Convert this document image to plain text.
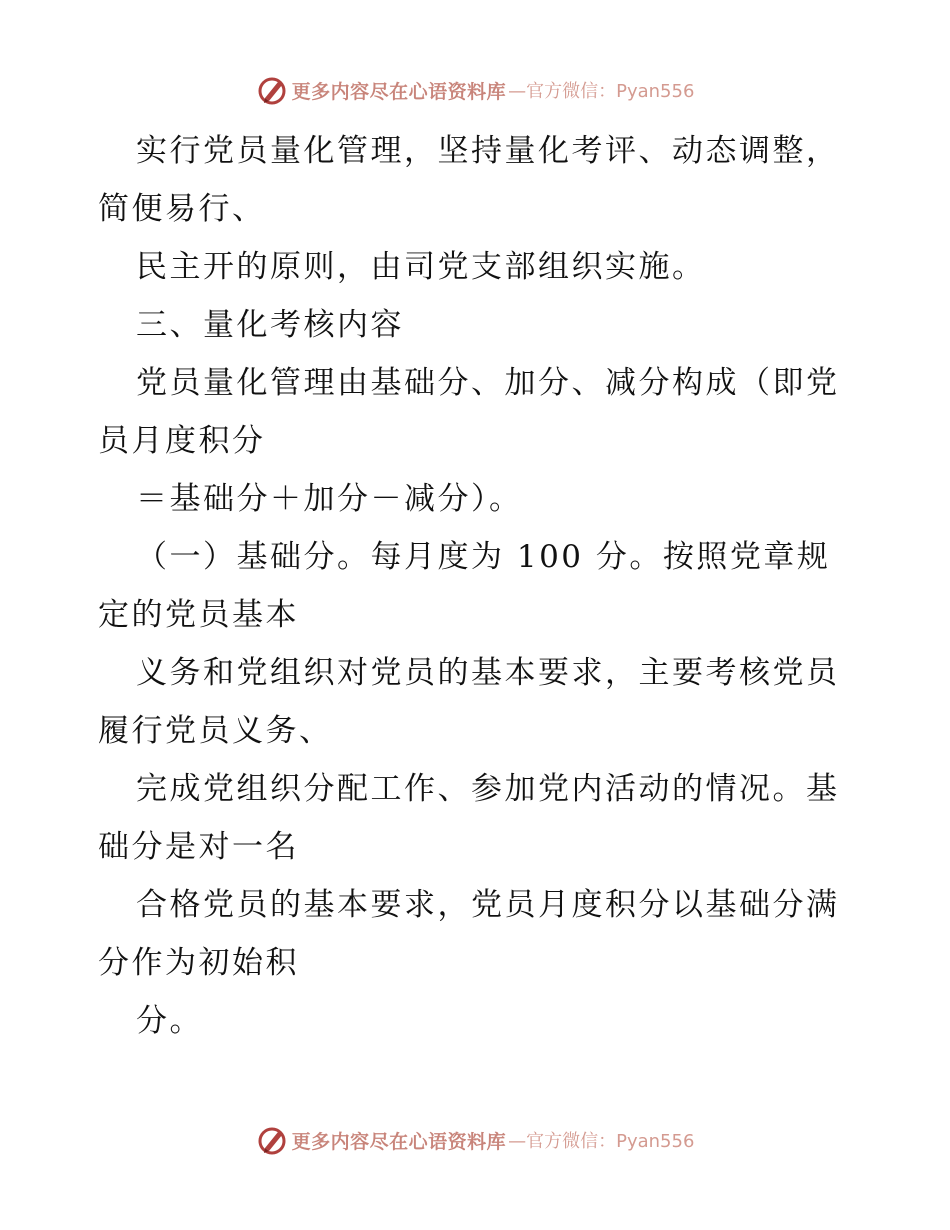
更多内容尽在心语资料库 —官方微信：Pyan556
实行党员量化管理，坚持量化考评、动态调整，
简便易行、
民主开的原则，由司党支部组织实施。
三、量化考核内容
党员量化管理由基础分、加分、减分构成（即党
员月度积分
＝基础分＋加分－减分）。
（一）基础分。每月度为 100 分。按照党章规
定的党员基本
义务和党组织对党员的基本要求，主要考核党员
履行党员义务、
完成党组织分配工作、参加党内活动的情况。基
础分是对一名
合格党员的基本要求，党员月度积分以基础分满
分作为初始积
分。
更多内容尽在心语资料库 —官方微信：Pyan556
